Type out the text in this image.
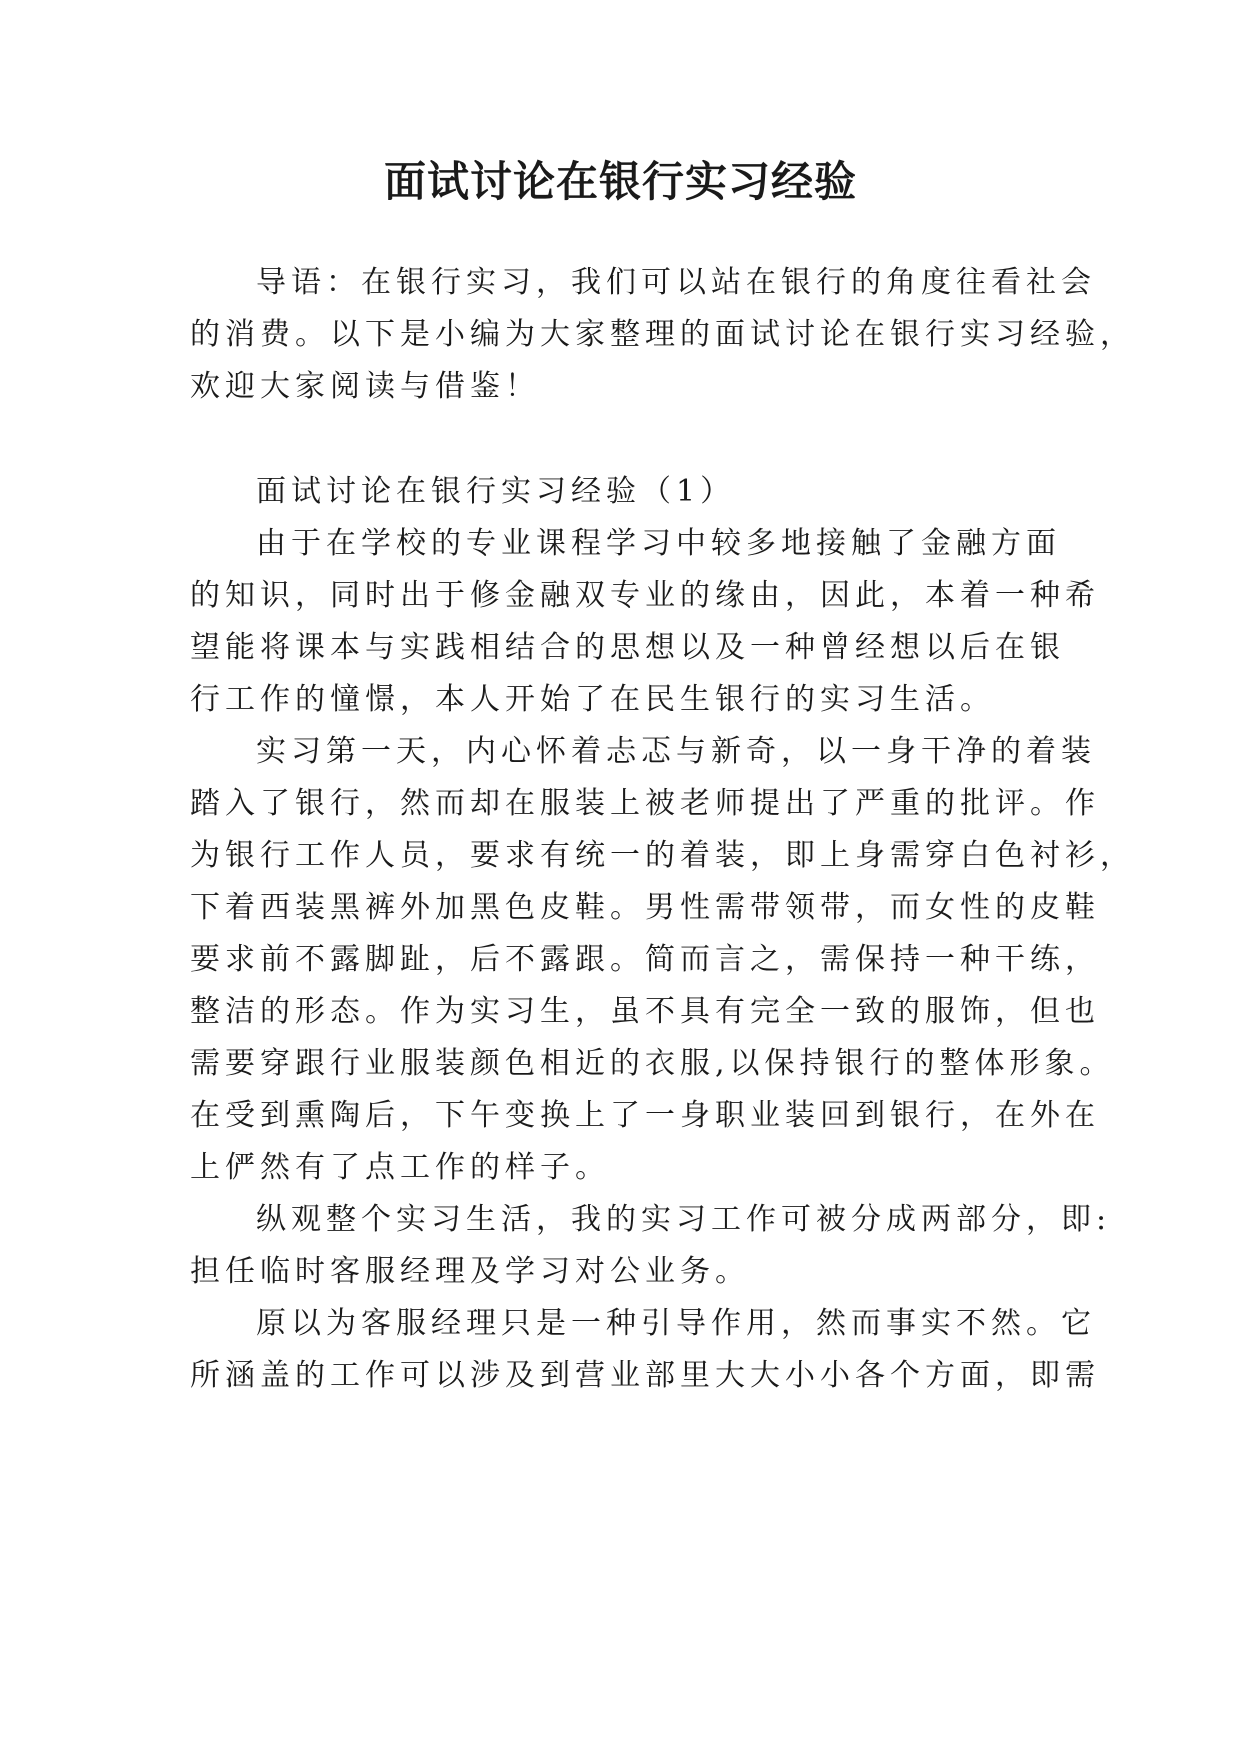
面试讨论在银行实习经验

导语：在银行实习，我们可以站在银行的角度往看社会

的消费。以下是小编为大家整理的面试讨论在银行实习经验，

欢迎大家阅读与借鉴！

面试讨论在银行实习经验（1）

由于在学校的专业课程学习中较多地接触了金融方面

的知识，同时出于修金融双专业的缘由，因此，本着一种希

望能将课本与实践相结合的思想以及一种曾经想以后在银

行工作的憧憬，本人开始了在民生银行的实习生活。

实习第一天，内心怀着忐忑与新奇，以一身干净的着装

踏入了银行，然而却在服装上被老师提出了严重的批评。作

为银行工作人员，要求有统一的着装，即上身需穿白色衬衫，

下着西装黑裤外加黑色皮鞋。男性需带领带，而女性的皮鞋

要求前不露脚趾，后不露跟。简而言之，需保持一种干练，

整洁的形态。作为实习生，虽不具有完全一致的服饰，但也

需要穿跟行业服装颜色相近的衣服,以保持银行的整体形象。

在受到熏陶后，下午变换上了一身职业装回到银行，在外在

上俨然有了点工作的样子。

纵观整个实习生活，我的实习工作可被分成两部分，即:

担任临时客服经理及学习对公业务。

原以为客服经理只是一种引导作用，然而事实不然。它

所涵盖的工作可以涉及到营业部里大大小小各个方面，即需
